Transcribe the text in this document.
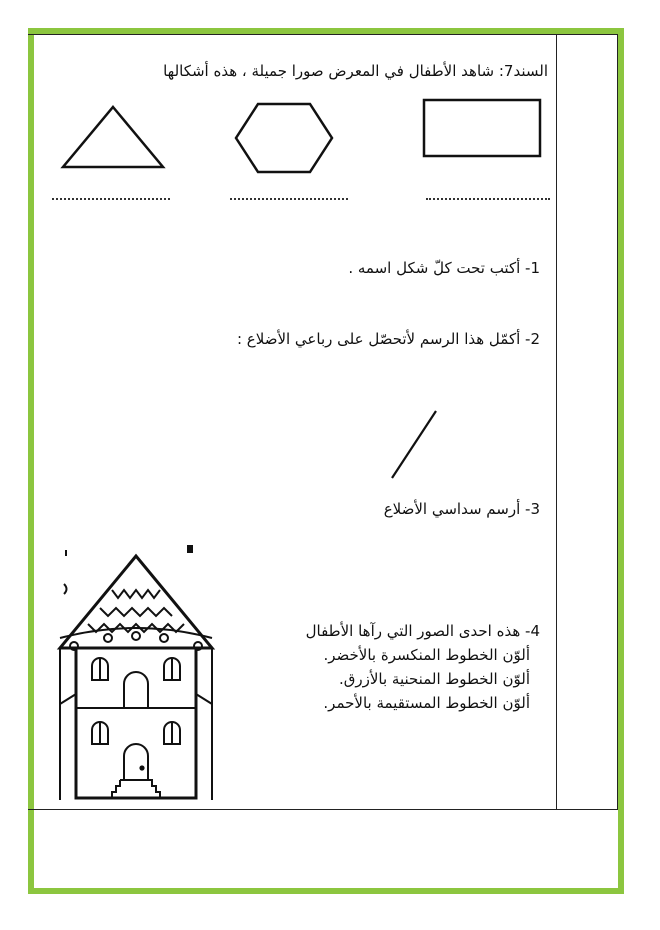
السند7: شاهد الأطفال في المعرض صورا جميلة ، هذه أشكالها
1- أكتب تحت كلّ شكل اسمه .
2- أكمّل هذا الرسم لأتحصّل على رباعي الأضلاع :
3- أرسم سداسي الأضلاع
4- هذه احدى الصور التي رآها الأطفال
ألوّن الخطوط المنكسرة بالأخضر.
ألوّن الخطوط المنحنية بالأزرق.
ألوّن الخطوط المستقيمة بالأحمر.
